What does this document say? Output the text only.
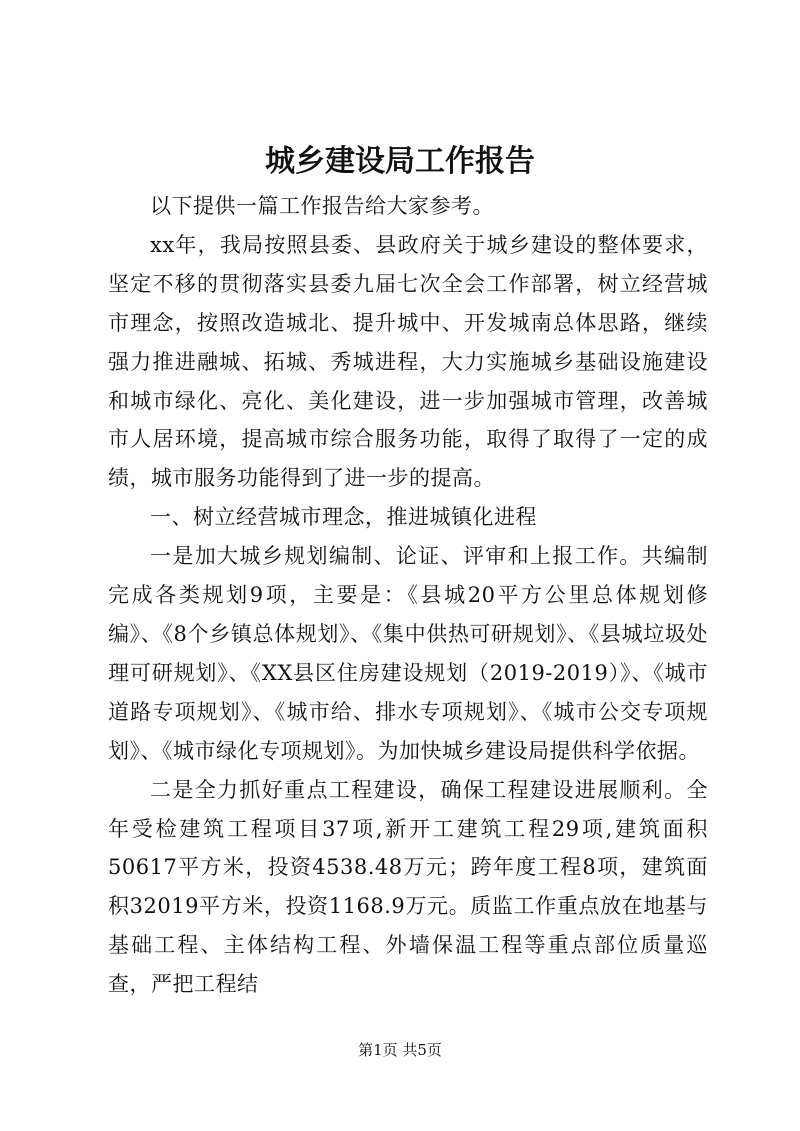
城乡建设局工作报告

以下提供一篇工作报告给大家参考。

xx年，我局按照县委、县政府关于城乡建设的整体要求，坚定不移的贯彻落实县委九届七次全会工作部署，树立经营城市理念，按照改造城北、提升城中、开发城南总体思路，继续强力推进融城、拓城、秀城进程，大力实施城乡基础设施建设和城市绿化、亮化、美化建设，进一步加强城市管理，改善城市人居环境，提高城市综合服务功能，取得了取得了一定的成绩，城市服务功能得到了进一步的提高。

一、树立经营城市理念，推进城镇化进程

一是加大城乡规划编制、论证、评审和上报工作。共编制完成各类规划9项，主要是：《县城20平方公里总体规划修编》、《8个乡镇总体规划》、《集中供热可研规划》、《县城垃圾处理可研规划》、《XX县区住房建设规划（2019-2019）》、《城市道路专项规划》、《城市给、排水专项规划》、《城市公交专项规划》、《城市绿化专项规划》。为加快城乡建设局提供科学依据。

二是全力抓好重点工程建设，确保工程建设进展顺利。全年受检建筑工程项目37项,新开工建筑工程29项,建筑面积50617平方米，投资4538.48万元；跨年度工程8项，建筑面积32019平方米，投资1168.9万元。质监工作重点放在地基与基础工程、主体结构工程、外墙保温工程等重点部位质量巡查，严把工程结

第1页 共5页
